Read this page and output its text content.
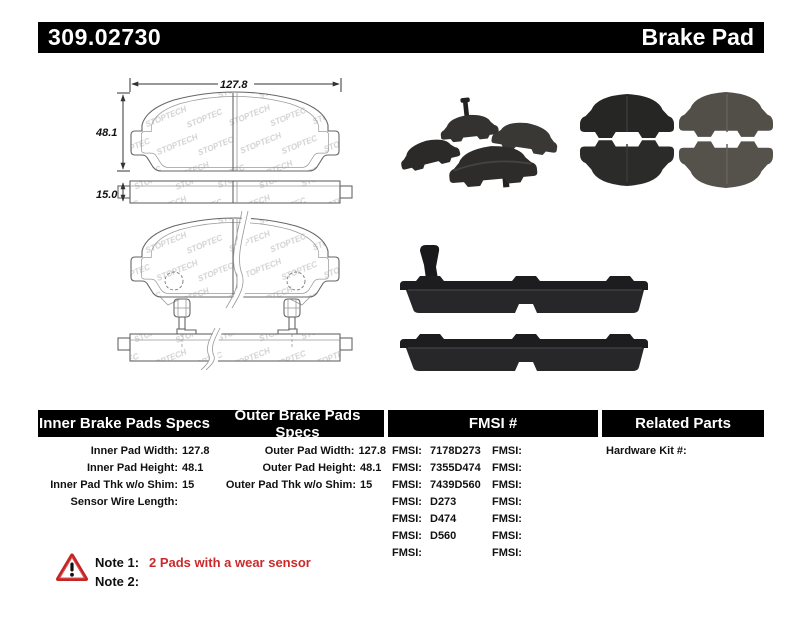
309.02730	Brake Pad
127.8
48.1
15.0
Inner Brake Pads Specs	Outer Brake Pads Specs	FMSI #	Related Parts
Inner Pad Width: 127.8
Inner Pad Height: 48.1
Inner Pad Thk w/o Shim: 15
Sensor Wire Length:
Outer Pad Width: 127.8
Outer Pad Height: 48.1
Outer Pad Thk w/o Shim: 15
FMSI: 7178D273
FMSI: 7355D474
FMSI: 7439D560
FMSI: D273
FMSI: D474
FMSI: D560
FMSI:
FMSI:
FMSI:
FMSI:
FMSI:
FMSI:
FMSI:
FMSI:
Hardware Kit #:
Note 1: 2 Pads with a wear sensor
Note 2:
